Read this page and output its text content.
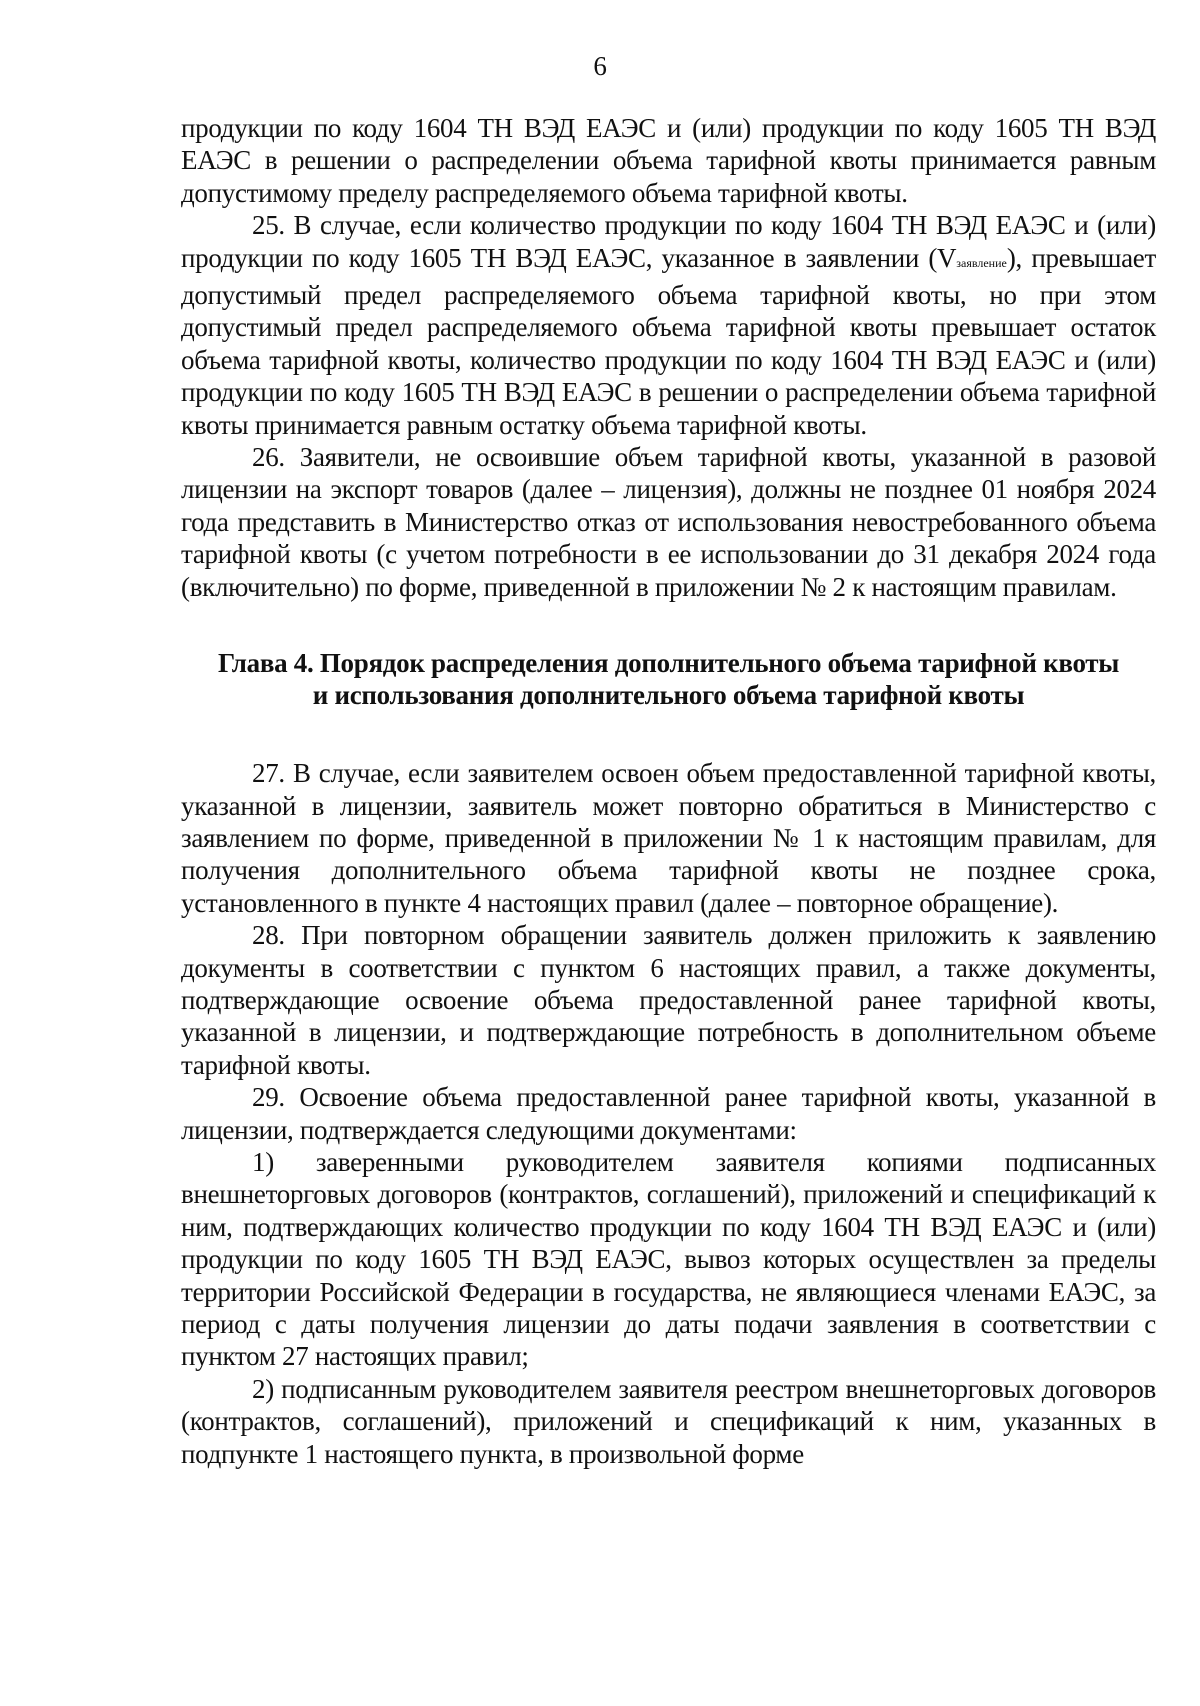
6

продукции по коду 1604 ТН ВЭД ЕАЭС и (или) продукции по коду 1605 ТН ВЭД ЕАЭС в решении о распределении объема тарифной квоты принимается равным допустимому пределу распределяемого объема тарифной квоты.

25. В случае, если количество продукции по коду 1604 ТН ВЭД ЕАЭС и (или) продукции по коду 1605 ТН ВЭД ЕАЭС, указанное в заявлении (Vзаявление), превышает допустимый предел распределяемого объема тарифной квоты, но при этом допустимый предел распределяемого объема тарифной квоты превышает остаток объема тарифной квоты, количество продукции по коду 1604 ТН ВЭД ЕАЭС и (или) продукции по коду 1605 ТН ВЭД ЕАЭС в решении о распределении объема тарифной квоты принимается равным остатку объема тарифной квоты.

26. Заявители, не освоившие объем тарифной квоты, указанной в разовой лицензии на экспорт товаров (далее – лицензия), должны не позднее 01 ноября 2024 года представить в Министерство отказ от использования невостребованного объема тарифной квоты (с учетом потребности в ее использовании до 31 декабря 2024 года (включительно) по форме, приведенной в приложении № 2 к настоящим правилам.

Глава 4. Порядок распределения дополнительного объема тарифной квоты
и использования дополнительного объема тарифной квоты

27. В случае, если заявителем освоен объем предоставленной тарифной квоты, указанной в лицензии, заявитель может повторно обратиться в Министерство с заявлением по форме, приведенной в приложении № 1 к настоящим правилам, для получения дополнительного объема тарифной квоты не позднее срока, установленного в пункте 4 настоящих правил (далее – повторное обращение).

28. При повторном обращении заявитель должен приложить к заявлению документы в соответствии с пунктом 6 настоящих правил, а также документы, подтверждающие освоение объема предоставленной ранее тарифной квоты, указанной в лицензии, и подтверждающие потребность в дополнительном объеме тарифной квоты.

29. Освоение объема предоставленной ранее тарифной квоты, указанной в лицензии, подтверждается следующими документами:

1) заверенными руководителем заявителя копиями подписанных внешнеторговых договоров (контрактов, соглашений), приложений и спецификаций к ним, подтверждающих количество продукции по коду 1604 ТН ВЭД ЕАЭС и (или) продукции по коду 1605 ТН ВЭД ЕАЭС, вывоз которых осуществлен за пределы территории Российской Федерации в государства, не являющиеся членами ЕАЭС, за период с даты получения лицензии до даты подачи заявления в соответствии с пунктом 27 настоящих правил;

2) подписанным руководителем заявителя реестром внешнеторговых договоров (контрактов, соглашений), приложений и спецификаций к ним, указанных в подпункте 1 настоящего пункта, в произвольной форме
